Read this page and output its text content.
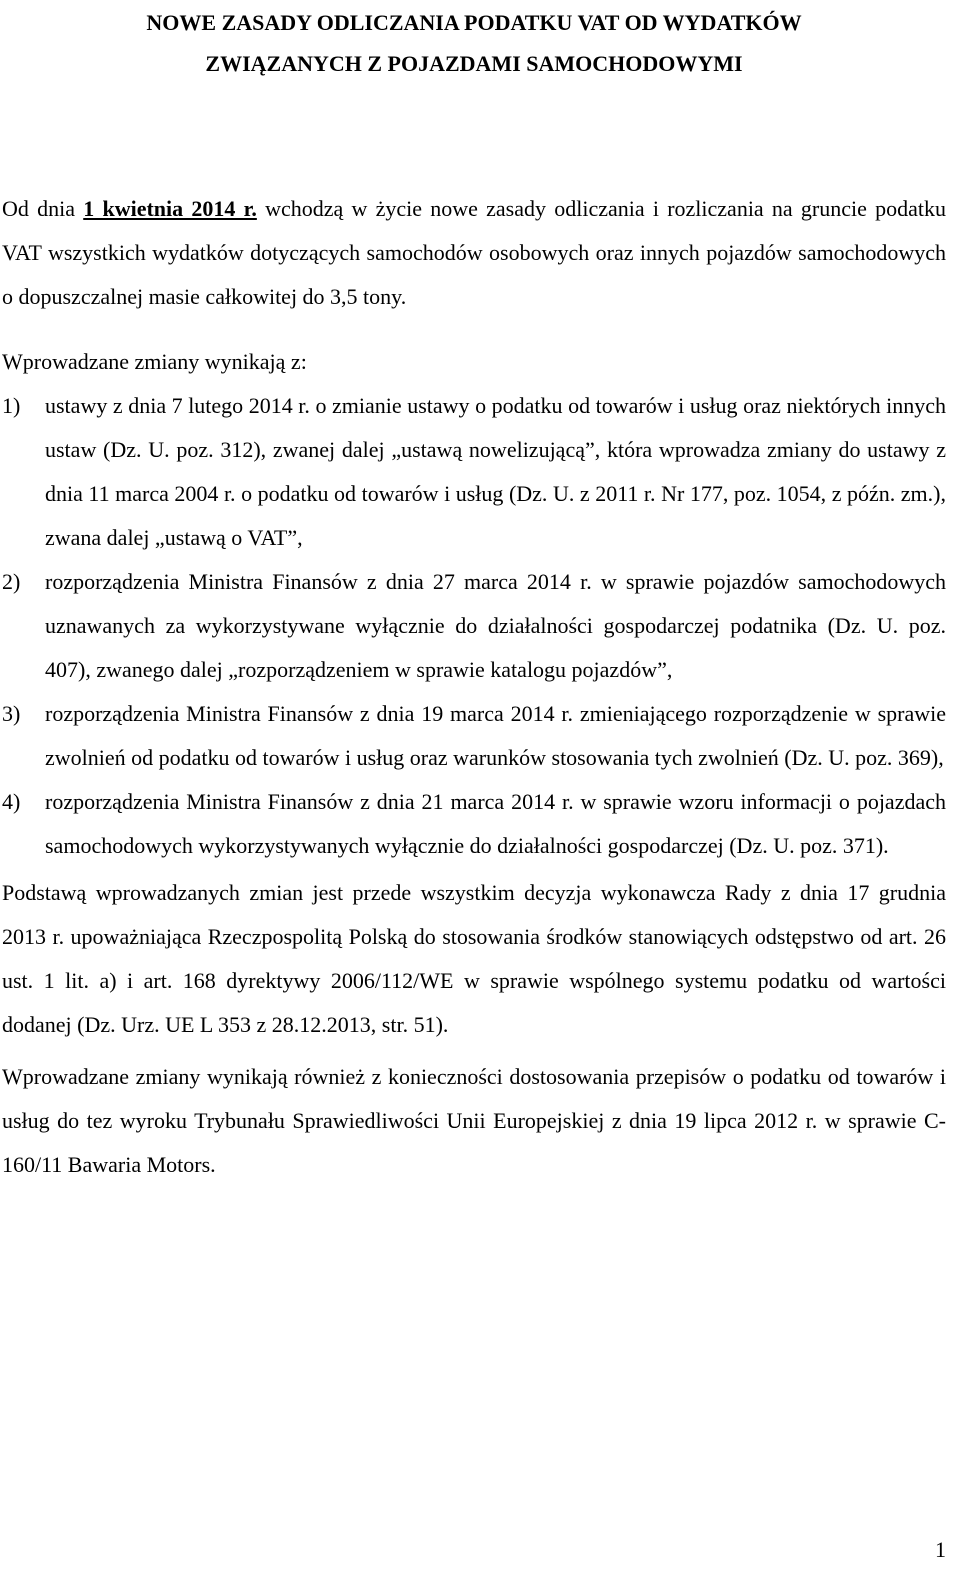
NOWE ZASADY ODLICZANIA PODATKU VAT OD WYDATKÓW
ZWIĄZANYCH Z POJAZDAMI SAMOCHODOWYMI

Od dnia 1 kwietnia 2014 r. wchodzą w życie nowe zasady odliczania i rozliczania na gruncie podatku VAT wszystkich wydatków dotyczących samochodów osobowych oraz innych pojazdów samochodowych o dopuszczalnej masie całkowitej do 3,5 tony.

Wprowadzane zmiany wynikają z:

1)	ustawy z dnia 7 lutego 2014 r. o zmianie ustawy o podatku od towarów i usług oraz niektórych innych ustaw (Dz. U. poz. 312), zwanej dalej „ustawą nowelizującą”, która wprowadza zmiany do ustawy z dnia 11 marca 2004 r. o podatku od towarów i usług (Dz. U. z 2011 r. Nr 177, poz. 1054, z późn. zm.), zwana dalej „ustawą o VAT”,
2)	rozporządzenia Ministra Finansów z dnia 27 marca 2014 r. w sprawie pojazdów samochodowych uznawanych za wykorzystywane wyłącznie do działalności gospodarczej podatnika (Dz. U. poz. 407), zwanego dalej „rozporządzeniem w sprawie katalogu pojazdów”,
3)	rozporządzenia Ministra Finansów z dnia 19 marca 2014 r. zmieniającego rozporządzenie w sprawie zwolnień od podatku od towarów i usług oraz warunków stosowania tych zwolnień (Dz. U. poz. 369),
4)	rozporządzenia Ministra Finansów z dnia 21 marca 2014 r. w sprawie wzoru informacji o pojazdach samochodowych wykorzystywanych wyłącznie do działalności gospodarczej (Dz. U. poz. 371).

Podstawą wprowadzanych zmian jest przede wszystkim decyzja wykonawcza Rady z dnia 17 grudnia 2013 r. upoważniająca Rzeczpospolitą Polską do stosowania środków stanowiących odstępstwo od art. 26 ust. 1 lit. a) i art. 168 dyrektywy 2006/112/WE w sprawie wspólnego systemu podatku od wartości dodanej (Dz. Urz. UE L 353 z 28.12.2013, str. 51).

Wprowadzane zmiany wynikają również z konieczności dostosowania przepisów o podatku od towarów i usług do tez wyroku Trybunału Sprawiedliwości Unii Europejskiej z dnia 19 lipca 2012 r. w sprawie C-160/11 Bawaria Motors.

1
